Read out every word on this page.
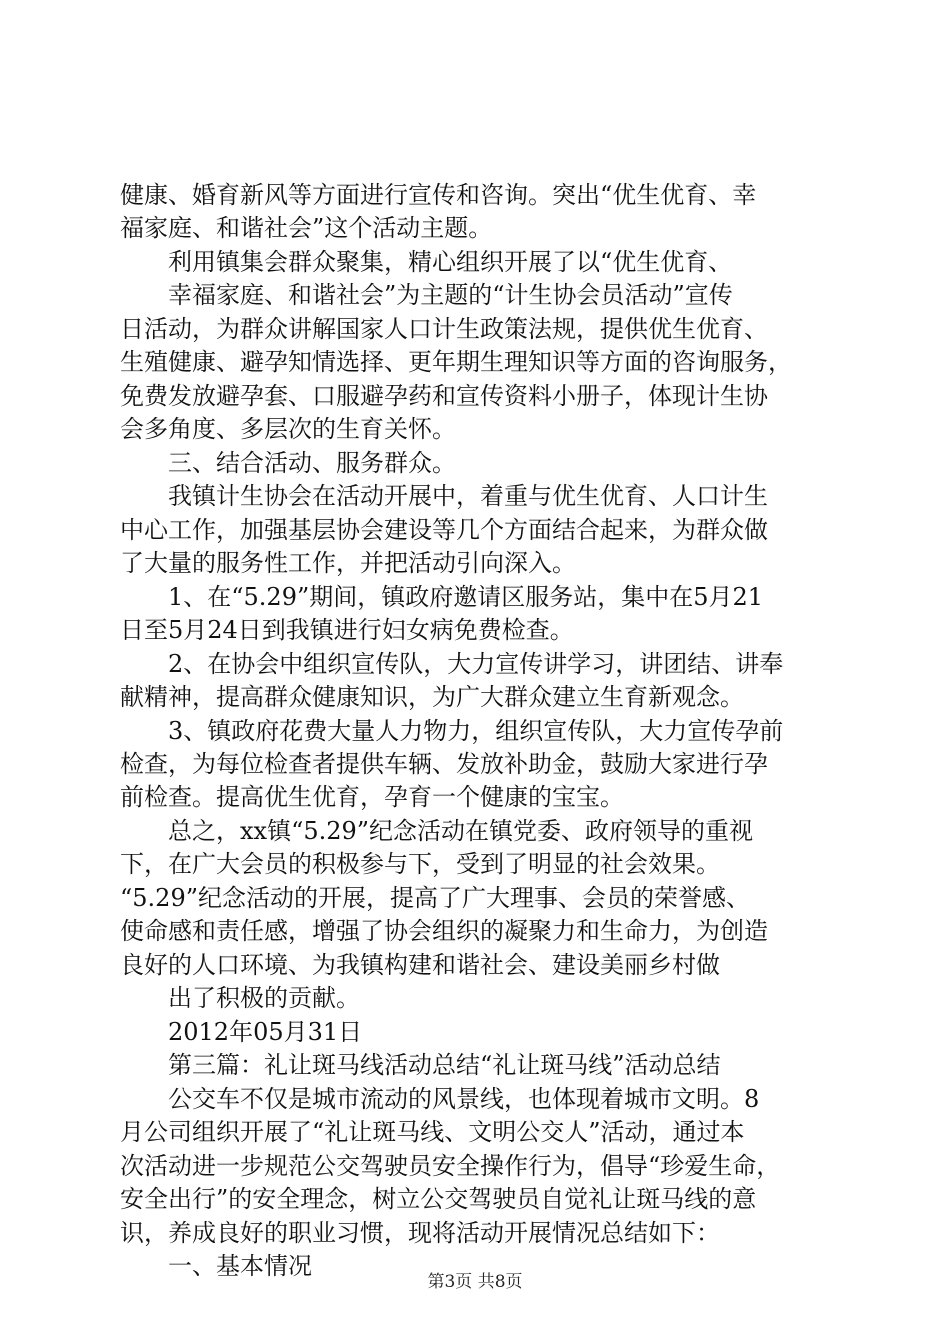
健康、婚育新风等方面进行宣传和咨询。突出“优生优育、幸
福家庭、和谐社会”这个活动主题。
利用镇集会群众聚集，精心组织开展了以“优生优育、
幸福家庭、和谐社会”为主题的“计生协会员活动”宣传
日活动，为群众讲解国家人口计生政策法规，提供优生优育、
生殖健康、避孕知情选择、更年期生理知识等方面的咨询服务，
免费发放避孕套、口服避孕药和宣传资料小册子，体现计生协
会多角度、多层次的生育关怀。
三、结合活动、服务群众。
我镇计生协会在活动开展中，着重与优生优育、人口计生
中心工作，加强基层协会建设等几个方面结合起来，为群众做
了大量的服务性工作，并把活动引向深入。
1、在“5.29”期间，镇政府邀请区服务站，集中在5月21
日至5月24日到我镇进行妇女病免费检查。
2、在协会中组织宣传队，大力宣传讲学习，讲团结、讲奉
献精神，提高群众健康知识，为广大群众建立生育新观念。
3、镇政府花费大量人力物力，组织宣传队，大力宣传孕前
检查，为每位检查者提供车辆、发放补助金，鼓励大家进行孕
前检查。提高优生优育，孕育一个健康的宝宝。
总之，xx镇“5.29”纪念活动在镇党委、政府领导的重视
下，在广大会员的积极参与下，受到了明显的社会效果。
“5.29”纪念活动的开展，提高了广大理事、会员的荣誉感、
使命感和责任感，增强了协会组织的凝聚力和生命力，为创造
良好的人口环境、为我镇构建和谐社会、建设美丽乡村做
出了积极的贡献。
2012年05月31日
第三篇：礼让斑马线活动总结“礼让斑马线”活动总结
公交车不仅是城市流动的风景线，也体现着城市文明。8
月公司组织开展了“礼让斑马线、文明公交人”活动，通过本
次活动进一步规范公交驾驶员安全操作行为，倡导“珍爱生命，
安全出行”的安全理念，树立公交驾驶员自觉礼让斑马线的意
识，养成良好的职业习惯，现将活动开展情况总结如下：
一、基本情况
第3页 共8页
